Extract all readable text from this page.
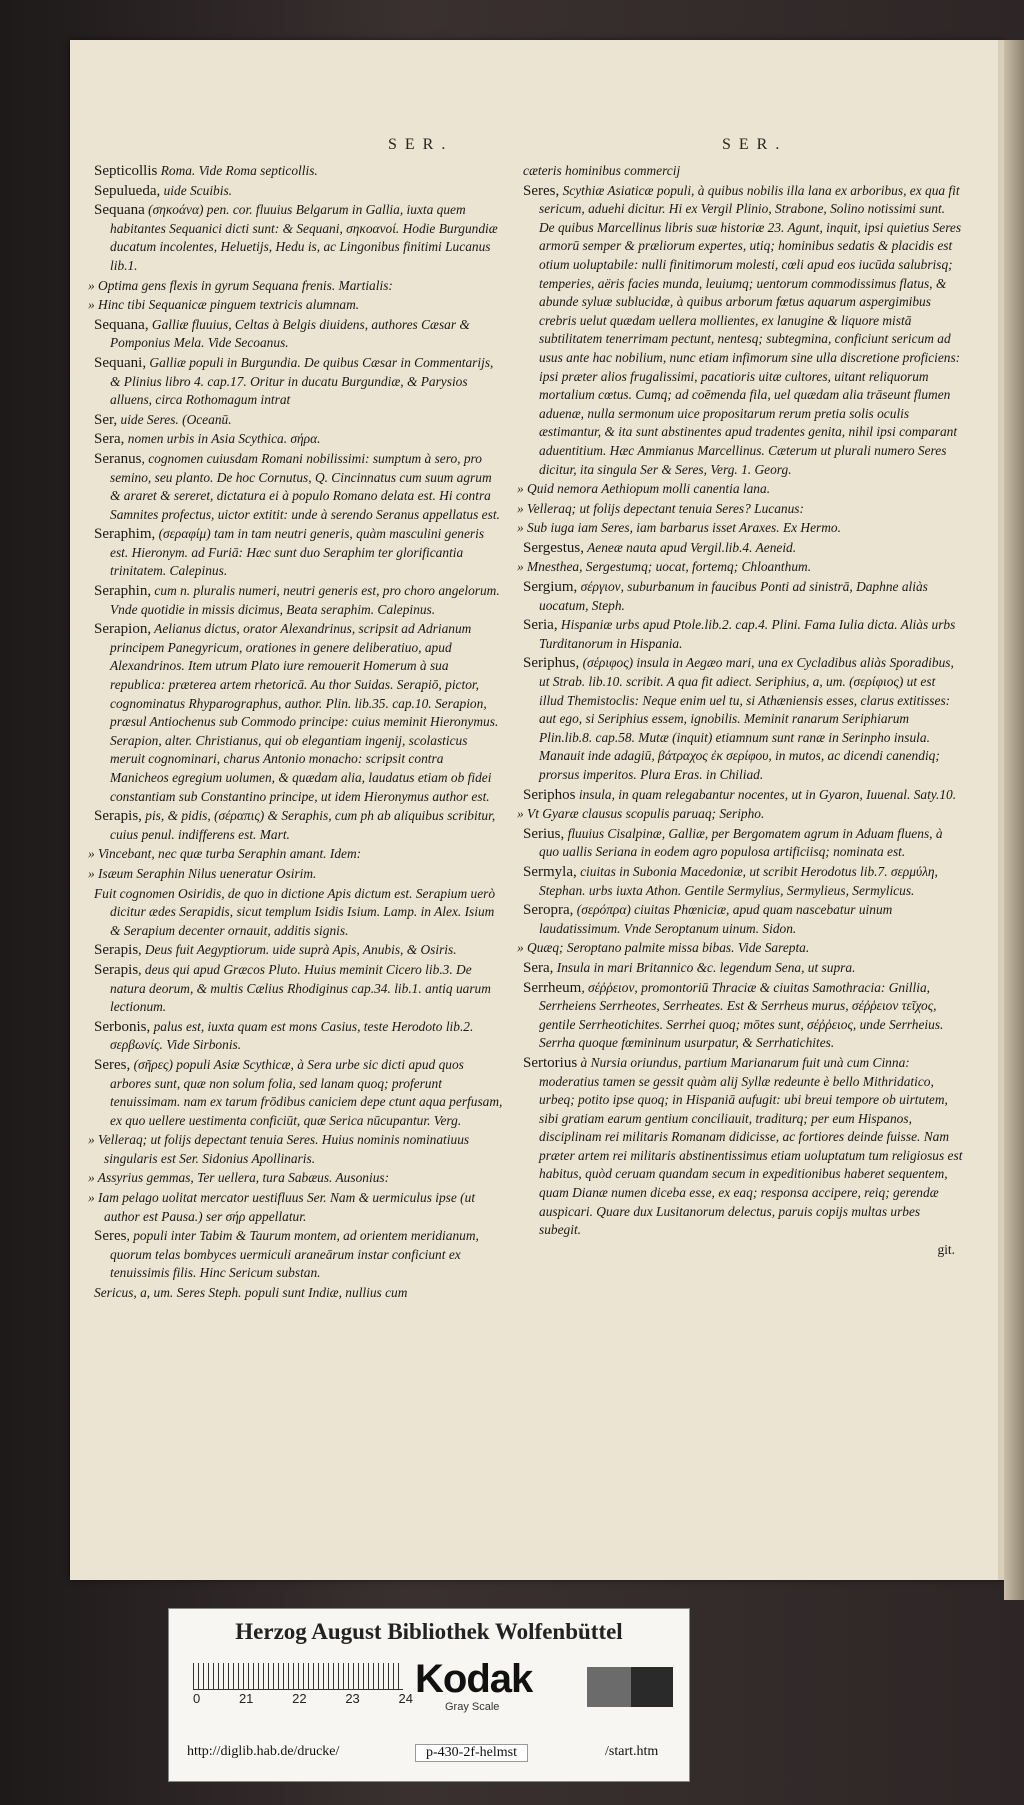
SER.	SER.
Septicollis Roma. Vide Roma septicollis.
Sepulueda, uide Scuibis.
Sequana (σηκοάνα) pen. cor. fluuius Belgarum in Gallia, iuxta quem habitantes Sequanici dicti sunt: & Sequani, σηκοανοί. Hodie Burgundiæ ducatum incolentes, Heluetijs, Hedu is, ac Lingonibus finitimi Lucanus lib.1.
» Optima gens flexis in gyrum Sequana frenis. Martialis:
» Hinc tibi Sequanicæ pinguem textricis alumnam.
Sequana, Galliæ fluuius, Celtas à Belgis diuidens, authores Cæsar & Pomponius Mela. Vide Secoanus.
Sequani, Galliæ populi in Burgundia. De quibus Cæsar in Commentarijs, & Plinius libro 4. cap.17. Oritur in ducatu Burgundiæ, & Parysios alluens, circa Rothomagum intrat
Ser, uide Seres. (Oceanū.
Sera, nomen urbis in Asia Scythica. σήρα.
Seranus, cognomen cuiusdam Romani nobilissimi: sumptum à sero, pro semino, seu planto. De hoc Cornutus, Q. Cincinnatus cum suum agrum & araret & sereret, dictatura ei à populo Romano delata est. Hi contra Samnites profectus, uictor extitit: unde à serendo Seranus appellatus est.
Seraphim, (σεραφίμ) tam in tam neutri generis, quàm masculini generis est. Hieronym. ad Furiā: Hæc sunt duo Seraphim ter glorificantia trinitatem. Calepinus.
Seraphin, cum n. pluralis numeri, neutri generis est, pro choro angelorum. Vnde quotidie in missis dicimus, Beata seraphim. Calepinus.
Serapion, Aelianus dictus, orator Alexandrinus, scripsit ad Adrianum principem Panegyricum, orationes in genere deliberatiuo, apud Alexandrinos. Item utrum Plato iure remouerit Homerum à sua republica: præterea artem rhetoricā. Au thor Suidas. Serapiō, pictor, cognominatus Rhyparographus, author. Plin. lib.35. cap.10. Serapion, præsul Antiochenus sub Commodo principe: cuius meminit Hieronymus. Serapion, alter. Christianus, qui ob elegantiam ingenij, scolasticus meruit cognominari, charus Antonio monacho: scripsit contra Manicheos egregium uolumen, & quædam alia, laudatus etiam ob fidei constantiam sub Constantino principe, ut idem Hieronymus author est.
Serapis, pis, & pidis, (σέραπις) & Seraphis, cum ph ab aliquibus scribitur, cuius penul. indifferens est. Mart.
» Vincebant, nec quæ turba Seraphin amant. Idem:
» Isæum Seraphin Nilus ueneratur Osirim.
Fuit cognomen Osiridis, de quo in dictione Apis dictum est. Serapium uerò dicitur ædes Serapidis, sicut templum Isidis Isium. Lamp. in Alex. Isium & Serapium decenter ornauit, additis signis.
Serapis, Deus fuit Aegyptiorum. uide suprà Apis, Anubis, & Osiris.
Serapis, deus qui apud Græcos Pluto. Huius meminit Cicero lib.3. De natura deorum, & multis Cælius Rhodiginus cap.34. lib.1. antiq uarum lectionum.
Serbonis, palus est, iuxta quam est mons Casius, teste Herodoto lib.2. σερβωνίς. Vide Sirbonis.
Seres, (σῆρες) populi Asiæ Scythicæ, à Sera urbe sic dicti apud quos arbores sunt, quæ non solum folia, sed lanam quoq; proferunt tenuissimam. nam ex tarum frōdibus caniciem depe ctunt aqua perfusam, ex quo uellere uestimenta conficiūt, quæ Serica nūcupantur. Verg.
» Velleraq; ut folijs depectant tenuia Seres. Huius nominis nominatiuus singularis est Ser. Sidonius Apollinaris.
» Assyrius gemmas, Ter uellera, tura Sabæus. Ausonius:
» Iam pelago uolitat mercator uestifluus Ser. Nam & uermiculus ipse (ut author est Pausa.) ser σήρ appellatur.
Seres, populi inter Tabim & Taurum montem, ad orientem meridianum, quorum telas bombyces uermiculi araneārum instar conficiunt ex tenuissimis filis. Hinc Sericum substan.
Sericus, a, um. Seres Steph. populi sunt Indiæ, nullius cum
cæteris hominibus commercij
Seres, Scythiæ Asiaticæ populi, à quibus nobilis illa lana ex arboribus, ex qua fit sericum, aduehi dicitur. Hi ex Vergil Plinio, Strabone, Solino notissimi sunt. De quibus Marcellinus libris suæ historiæ 23. Agunt, inquit, ipsi quietius Seres armorū semper & præliorum expertes, utiq; hominibus sedatis & placidis est otium uoluptabile: nulli finitimorum molesti, cœli apud eos iucūda salubrisq; temperies, aëris facies munda, leuiumq; uentorum commodissimus flatus, & abunde syluæ sublucidæ, à quibus arborum fœtus aquarum aspergimibus crebris uelut quædam uellera mollientes, ex lanugine & liquore mistā subtilitatem tenerrimam pectunt, nentesq; subtegmina, conficiunt sericum ad usus ante hac nobilium, nunc etiam infimorum sine ulla discretione proficiens: ipsi præter alios frugalissimi, pacatioris uitæ cultores, uitant reliquorum mortalium cœtus. Cumq; ad coēmenda fila, uel quædam alia trāseunt flumen aduenæ, nulla sermonum uice propositarum rerum pretia solis oculis æstimantur, & ita sunt abstinentes apud tradentes genita, nihil ipsi comparant aduentitium. Hæc Ammianus Marcellinus. Cæterum ut plurali numero Seres dicitur, ita singula Ser & Seres, Verg. 1. Georg.
» Quid nemora Aethiopum molli canentia lana.
» Velleraq; ut folijs depectant tenuia Seres? Lucanus:
» Sub iuga iam Seres, iam barbarus isset Araxes. Ex Hermo.
Sergestus, Aeneæ nauta apud Vergil.lib.4. Aeneid.
» Mnesthea, Sergestumq; uocat, fortemq; Chloanthum.
Sergium, σέργιον, suburbanum in faucibus Ponti ad sinistrā, Daphne aliàs uocatum, Steph.
Seria, Hispaniæ urbs apud Ptole.lib.2. cap.4. Plini. Fama Iulia dicta. Aliàs urbs Turditanorum in Hispania.
Seriphus, (σέριφος) insula in Aegæo mari, una ex Cycladibus aliàs Sporadibus, ut Strab. lib.10. scribit. A qua fit adiect. Seriphius, a, um. (σερίφιος) ut est illud Themistoclis: Neque enim uel tu, si Athæniensis esses, clarus extitisses: aut ego, si Seriphius essem, ignobilis. Meminit ranarum Seriphiarum Plin.lib.8. cap.58. Mutæ (inquit) etiamnum sunt ranæ in Serinpho insula. Manauit inde adagiū, βάτραχος ἐκ σερίφου, in mutos, ac dicendi canendiq; prorsus imperitos. Plura Eras. in Chiliad.
Seriphos insula, in quam relegabantur nocentes, ut in Gyaron, Iuuenal. Saty.10.
» Vt Gyaræ clausus scopulis paruaq; Seripho.
Serius, fluuius Cisalpinæ, Galliæ, per Bergomatem agrum in Aduam fluens, à quo uallis Seriana in eodem agro populosa artificiisq; nominata est.
Sermyla, ciuitas in Subonia Macedoniæ, ut scribit Herodotus lib.7. σερμύλη, Stephan. urbs iuxta Athon. Gentile Sermylius, Sermylieus, Sermylicus.
Seropra, (σερόπρα) ciuitas Phœniciæ, apud quam nascebatur uinum laudatissimum. Vnde Seroptanum uinum. Sidon.
» Quæq; Seroptano palmite missa bibas. Vide Sarepta.
Sera, Insula in mari Britannico &c. legendum Sena, ut supra.
Serrheum, σέῤῥειον, promontoriū Thraciæ & ciuitas Samothracia: Gnillia, Serrheiens Serrheotes, Serrheates. Est & Serrheus murus, σέῤῥειον τεῖχος, gentile Serrheotichites. Serrhei quoq; mōtes sunt, σέῤῥειος, unde Serrheius. Serrha quoque fœmininum usurpatur, & Serrhatichites.
Sertorius à Nursia oriundus, partium Marianarum fuit unà cum Cinna: moderatius tamen se gessit quàm alij Syllæ redeunte è bello Mithridatico, urbeq; potito ipse quoq; in Hispaniā aufugit: ubi breui tempore ob uirtutem, sibi gratiam earum gentium conciliauit, traditurq; per eum Hispanos, disciplinam rei militaris Romanam didicisse, ac fortiores deinde fuisse. Nam præter artem rei militaris abstinentissimus etiam uoluptatum tum religiosus est habitus, quòd ceruam quandam secum in expeditionibus haberet sequentem, quam Dianæ numen diceba esse, ex eaq; responsa accipere, reiq; gerendæ auspicari. Quare dux Lusitanorum delectus, paruis copijs multas urbes subegit.
git.
Herzog August Bibliothek Wolfenbüttel
0	21	22	23	24 Kodak
Gray Scale
http://diglib.hab.de/drucke/	p-430-2f-helmst	/start.htm
